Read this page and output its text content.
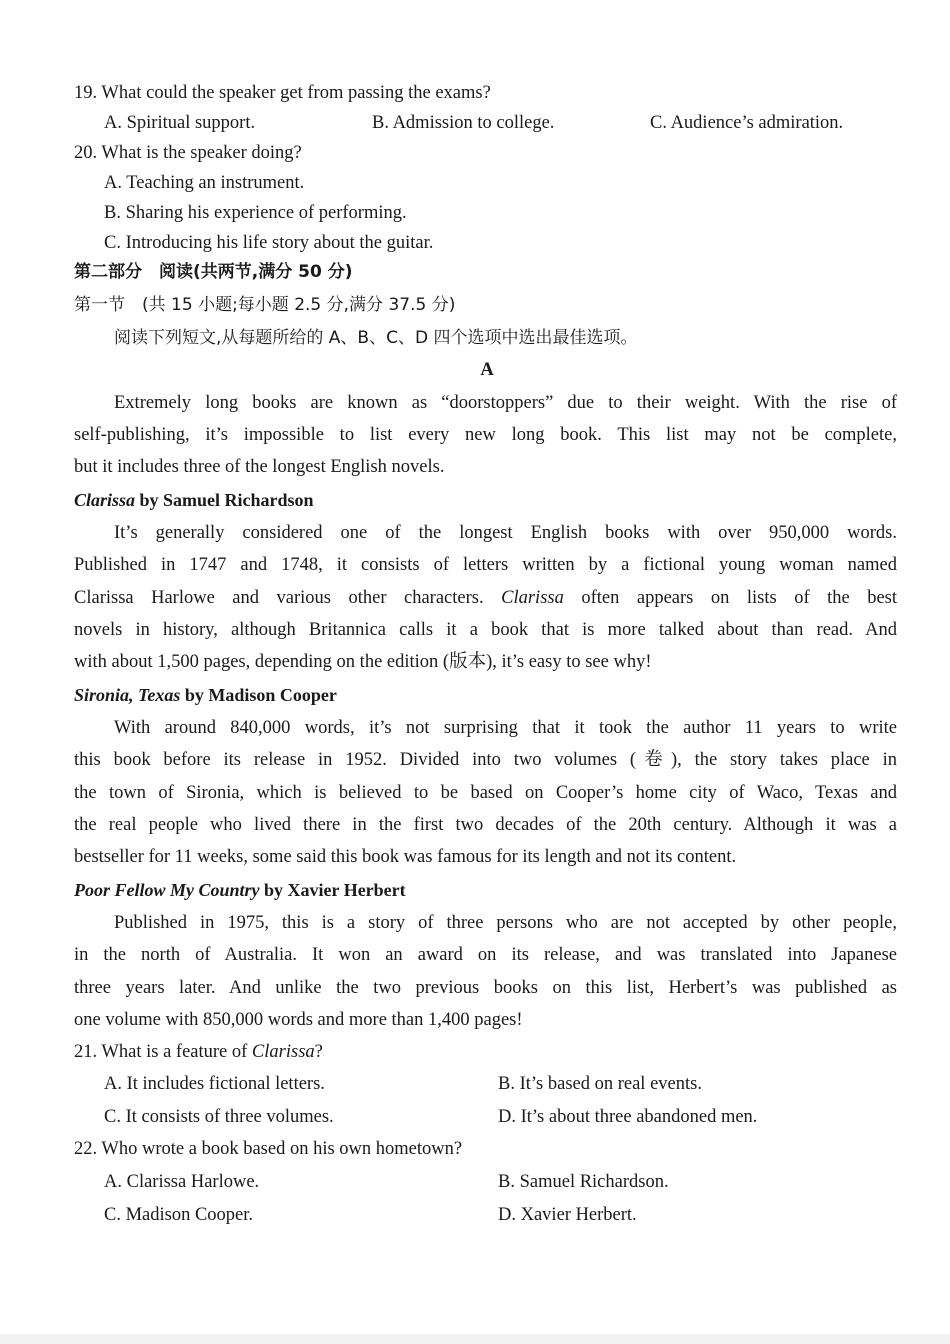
19. What could the speaker get from passing the exams?
A. Spiritual support.	B. Admission to college.	C. Audience’s admiration.
20. What is the speaker doing?
A. Teaching an instrument.
B. Sharing his experience of performing.
C. Introducing his life story about the guitar.
第二部分　阅读(共两节,满分 50 分)
第一节　(共 15 小题;每小题 2.5 分,满分 37.5 分)
阅读下列短文,从每题所给的 A、B、C、D 四个选项中选出最佳选项。
A
Extremely long books are known as “doorstoppers” due to their weight. With the rise of
self-publishing, it’s impossible to list every new long book. This list may not be complete,
but it includes three of the longest English novels.
Clarissa by Samuel Richardson
It’s generally considered one of the longest English books with over 950,000 words.
Published in 1747 and 1748, it consists of letters written by a fictional young woman named
Clarissa Harlowe and various other characters. Clarissa often appears on lists of the best
novels in history, although Britannica calls it a book that is more talked about than read. And
with about 1,500 pages, depending on the edition (版本), it’s easy to see why!
Sironia, Texas by Madison Cooper
With around 840,000 words, it’s not surprising that it took the author 11 years to write
this book before its release in 1952. Divided into two volumes (卷), the story takes place in
the town of Sironia, which is believed to be based on Cooper’s home city of Waco, Texas and
the real people who lived there in the first two decades of the 20th century. Although it was a
bestseller for 11 weeks, some said this book was famous for its length and not its content.
Poor Fellow My Country by Xavier Herbert
Published in 1975, this is a story of three persons who are not accepted by other people,
in the north of Australia. It won an award on its release, and was translated into Japanese
three years later. And unlike the two previous books on this list, Herbert’s was published as
one volume with 850,000 words and more than 1,400 pages!
21. What is a feature of Clarissa?
A. It includes fictional letters.	B. It’s based on real events.
C. It consists of three volumes.	D. It’s about three abandoned men.
22. Who wrote a book based on his own hometown?
A. Clarissa Harlowe.	B. Samuel Richardson.
C. Madison Cooper.	D. Xavier Herbert.
